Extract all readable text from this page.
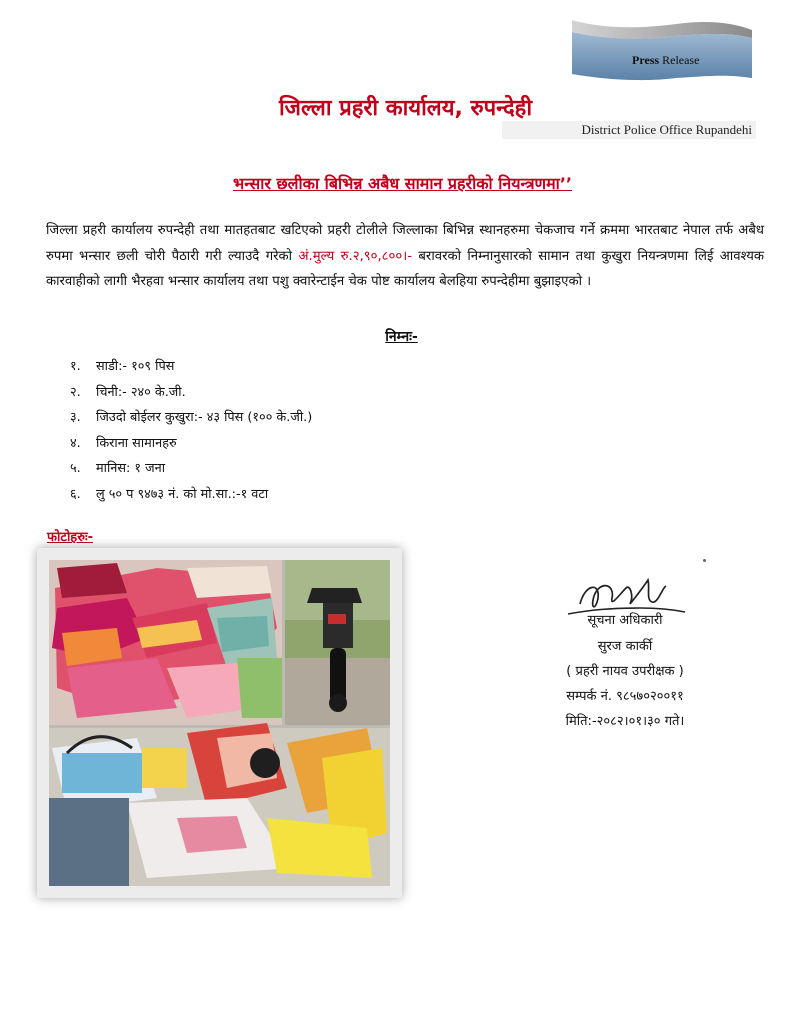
Press Release
जिल्ला प्रहरी कार्यालय, रुपन्देही
District Police Office Rupandehi
भन्सार छलीका बिभिन्न अबैध सामान प्रहरीको नियन्त्रणमा’’
जिल्ला प्रहरी कार्यालय रुपन्देही तथा मातहतबाट खटिएको प्रहरी टोलीले जिल्लाका बिभिन्न स्थानहरुमा चेकजाच गर्ने क्रममा भारतबाट नेपाल तर्फ अबैध रुपमा भन्सार छली चोरी पैठारी गरी ल्याउदै गरेको अं.मुल्य रु.२,९०,८००।- बरावरको निम्नानुसारको सामान तथा कुखुरा नियन्त्रणमा लिई आवश्यक कारवाहीको लागी भैरहवा भन्सार कार्यालय तथा पशु क्वारेन्टाईन चेक पोष्ट कार्यालय बेलहिया रुपन्देहीमा बुझाइएको ।
निम्नः-
१.	साडी:- १०९ पिस
२.	चिनी:- २४० के.जी.
३.	जिउदो बोईलर कुखुरा:- ४३ पिस (१०० के.जी.)
४.	किराना सामानहरु
५.	मानिस: १ जना
६.	लु ५० प ९४७३ नं. को मो.सा.:-१ वटा
फोटोहरुः-
सूचना अधिकारी
सुरज कार्की
( प्रहरी नायव उपरीक्षक )
सम्पर्क नं. ९८५७०२००११
मिति:-२०८२।०१।३० गते।
